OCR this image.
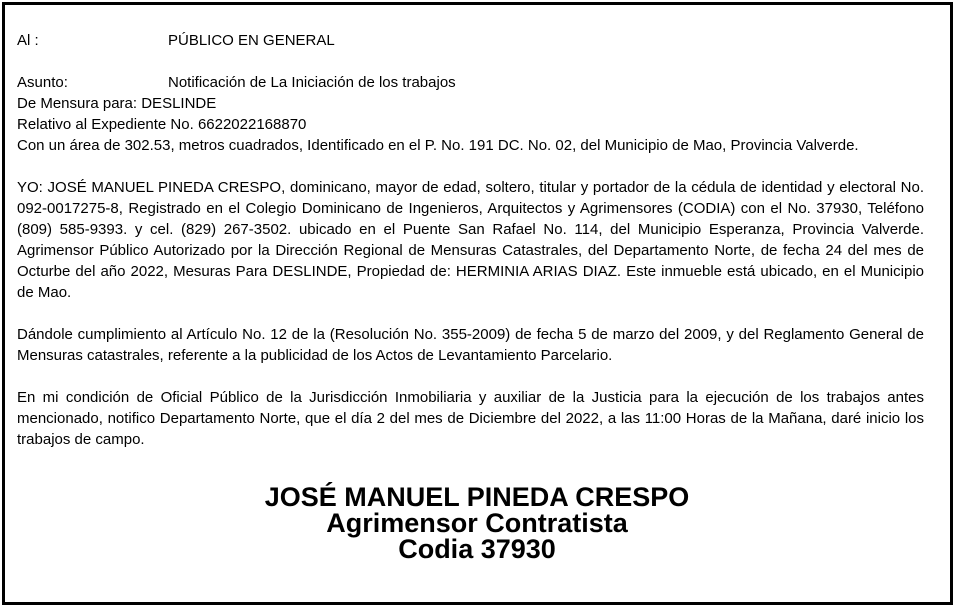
Al :	PÚBLICO EN GENERAL
Asunto:	Notificación de La Iniciación de los trabajos
De Mensura para: DESLINDE
Relativo al Expediente No. 6622022168870
Con un área de 302.53, metros cuadrados, Identificado en el P. No. 191 DC. No. 02, del Municipio de Mao, Provincia Valverde.
YO: JOSÉ MANUEL PINEDA CRESPO, dominicano, mayor de edad, soltero, titular y portador de la cédula de identidad y electoral No. 092-0017275-8, Registrado en el Colegio Dominicano de Ingenieros, Arquitectos y Agrimensores (CODIA) con el No. 37930, Teléfono (809) 585-9393. y cel. (829) 267-3502. ubicado en el Puente San Rafael No. 114, del Municipio Esperanza, Provincia Valverde. Agrimensor Público Autorizado por la Dirección Regional de Mensuras Catastrales, del Departamento Norte, de fecha 24 del mes de Octurbe del año 2022, Mesuras Para DESLINDE, Propiedad de: HERMINIA ARIAS DIAZ. Este inmueble está ubicado, en el Municipio de Mao.
Dándole cumplimiento al Artículo No. 12 de la (Resolución No. 355-2009) de fecha 5 de marzo del 2009, y del Reglamento General de Mensuras catastrales, referente a la publicidad de los Actos de Levantamiento Parcelario.
En mi condición de Oficial Público de la Jurisdicción Inmobiliaria y auxiliar de la Justicia para la ejecución de los trabajos antes mencionado, notifico Departamento Norte, que el día 2 del mes de Diciembre del 2022, a las 11:00 Horas de la Mañana, daré inicio los trabajos de campo.
JOSÉ MANUEL PINEDA CRESPO
Agrimensor Contratista
Codia 37930
